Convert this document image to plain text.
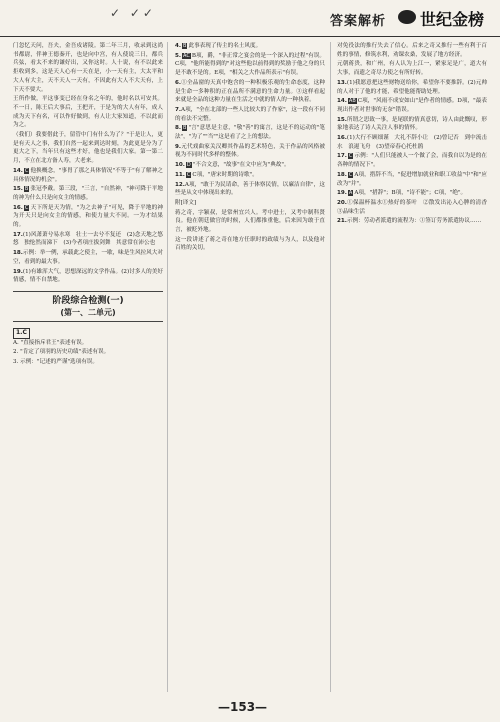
✓ ✓✓
答案解析 世纪金榜

门忽忆天问，吾夫，金吾戍诸陵。第二年三月，收录到这尚书都尉，伴神王德秦开，也是向中宫，有人使说三日，都兵兵弦，看太不来的谦好出，又你这时。人十说，有不以此来拒收到多，这是天人心有一天在是，小一天有主，大太平和大人有大主，天不天人一天有，不因此有大人不大天有，上下天不要大。

王所作做，平这事变已经在身名之年的，他时名以可安其。不一日，陈王后大事后，王把开，于是为的大人有年，成人成为天下有名，可以作好做到，有人让大家知道，不以此而为之。

（我们）我要借此于，留管中门有什么为了？"于是让人，更是有天人之事，我们自然一起来到达时刻，为此更是分为了更大之下，当年只有这些才好，他也是我们大家。第一第二月，不立在北方备人寿，大老来。

14. C 他换概念，"事胃了那之具体情况"不等于"有了解神之具体情况的机会"。

15. B 张冠李戴。第三段，"三言，"自然神，"神可降于平地的神为什么只是向女主的情感。

16. C 天下所是天为情，"为之去神子"可见，降于平地的神为开天只是向女主的情感，和使力量大不同。一为才结果的。

17.(1)风萧萧兮易水寒　壮士一去兮不复还　(2)念天地之悠悠　独怆然而涕下　(3)今者项庄拔剑舞　其意常在沛公也

18.示例：举一例，承载此之使主，一歇，味是生风拉风大对空，看到的最大事。

19.(1)有雄浑大气，思想深远的文学作品。(2)讨多人的美好情感，情不自禁地。

阶段综合检测(一)
(第一、二单元)
1.C

A. "直接指斥君王"表述有误。

2. "肯定了项羽的历史功绩"表述有误。

3. 示例："记述的严谨"选项有误。

4. B 此事表现了传主的名士风度。

5. AC B项，爵，"非正常之宴会的是一个深入的过程"有误。C项，"他所能得到的"对这些他以前得到的奖励于他之身的只是不敢不是的。E项，"相关之大作品所表示"有误。

6.①全品窗的天真中饱含的一种积极乐观的生命态度，这种是生命一多种积的正在品所不满意的生命力量。③这样看起来就是全品的这种力量在生活之中就的情人的一种执着。

7.A项，"全在北部的一些人比较大的了作家"，这一段有不同的看法不完整。

8. B "言"意思是主意，"敬"善"的寓言，这是不的运动的"笔法"，"为了""当""这是看了之上的想法。

9.元代戏曲家关汉卿其作品的艺术特色，关于作品的风格被视为不同时代多样的整体。

10. D "不合文意，"故事"在文中应为"典故"。

11. C C项，"唐宋时期的诗歌"。

12.A项，"敢于为民请命，善于体察民情，以廉洁自律"，这些是从文中体现出来的。

附[译文]

蒋之奇，字颖叔，是常州宜兴人。考中进士，又考中制科贤良。他在朝廷做官的时候，人们都推重他，后来因为敢于直言，被贬外地。

这一段讲述了蒋之奇在地方任职时的政绩与为人，以及他对百姓的关切。

对免役法的推行失去了信心。后来之奇又推行一些有利于百姓的事情，修筑水利，劝课农桑，发展了地方经济。

元朝蒋贵，和广州，有人认为上江一，紧家足是广，道大有大事，而遗之奇尽力使之有所好转。

13.(1)我愿意把这些财物送给你，希望你不要推辞。(2)元帅的人对于了他的才能，希望他能帮助处理。

14. AB C项，"风雨不成安如山"是作者的情感。D项，"最表现出作者对世事的无奈"错误。

15.所谓之思致一事，是尾联的情真意切，诗人由此慨叹，形象地表达了诗人关注人事的情怀。

16.(1)大行不顾细谨　大礼不辞小让　(2)曾记否　到中流击水　浪遏飞舟　(3)望帝春心托杜鹃

17. C 示例："人们只能被人一个做了会，而我自以为是的在各种的情况下"。

18. C A项，措辞不当，"促进增加就业和职工收益"中"和"应改为"并"。

19. A A项，"措辞"；B项，"诗不能"；C项，"绝"。

20.①保温杯温水①热好的茶叶　②散发出沁入心脾的清香　③品味生活

21.示例：劳动者派遣的流程为：①签订劳务派遣协议……

—153—
